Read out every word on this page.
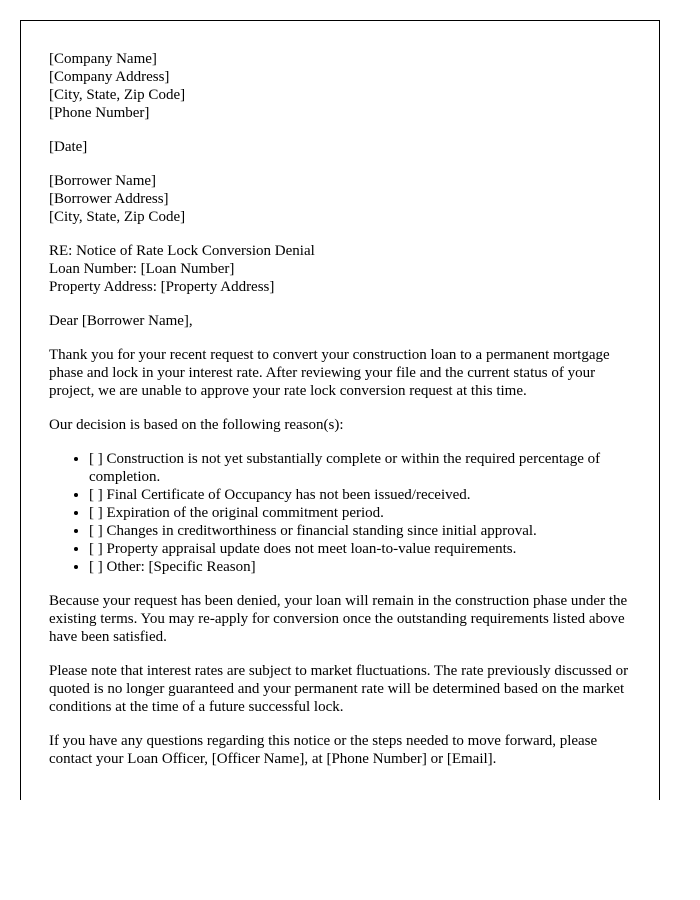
[Company Name]
[Company Address]
[City, State, Zip Code]
[Phone Number]

[Date]

[Borrower Name]
[Borrower Address]
[City, State, Zip Code]

RE: Notice of Rate Lock Conversion Denial
Loan Number: [Loan Number]
Property Address: [Property Address]

Dear [Borrower Name],

Thank you for your recent request to convert your construction loan to a permanent mortgage phase and lock in your interest rate. After reviewing your file and the current status of your project, we are unable to approve your rate lock conversion request at this time.

Our decision is based on the following reason(s):

• [ ] Construction is not yet substantially complete or within the required percentage of completion.
• [ ] Final Certificate of Occupancy has not been issued/received.
• [ ] Expiration of the original commitment period.
• [ ] Changes in creditworthiness or financial standing since initial approval.
• [ ] Property appraisal update does not meet loan-to-value requirements.
• [ ] Other: [Specific Reason]

Because your request has been denied, your loan will remain in the construction phase under the existing terms. You may re-apply for conversion once the outstanding requirements listed above have been satisfied.

Please note that interest rates are subject to market fluctuations. The rate previously discussed or quoted is no longer guaranteed and your permanent rate will be determined based on the market conditions at the time of a future successful lock.

If you have any questions regarding this notice or the steps needed to move forward, please contact your Loan Officer, [Officer Name], at [Phone Number] or [Email].
